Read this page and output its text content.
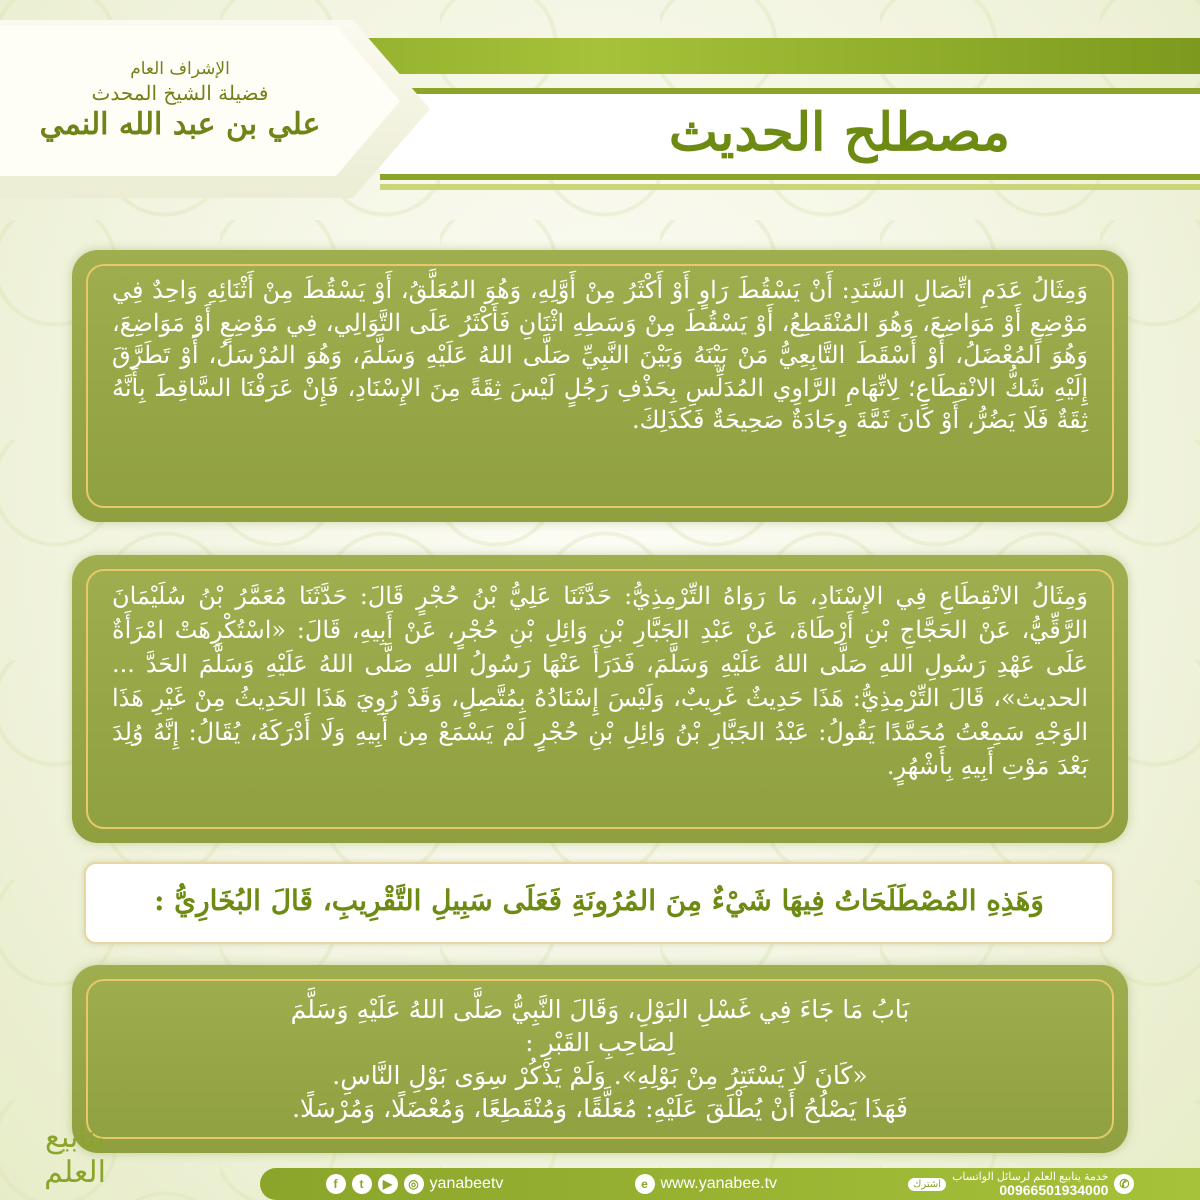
مصطلح الحديث
الإشراف العام
فضيلة الشيخ المحدث
علي بن عبد الله النمي
وَمِثَالُ عَدَمِ اتِّصَالِ السَّنَدِ: أَنْ يَسْقُطَ رَاوٍ أَوْ أَكْثَرُ مِنْ أَوَّلِهِ، وَهُوَ المُعَلَّقُ، أَوْ يَسْقُطَ مِنْ أَثْنَائِهِ وَاحِدٌ فِي مَوْضِعٍ أَوْ مَوَاضِعَ، وَهُوَ المُنْقَطِعُ، أَوْ يَسْقُطَ مِنْ وَسَطِهِ اثْنَانِ فَأَكْثَرُ عَلَى التَّوَالِي، فِي مَوْضِعٍ أَوْ مَوَاضِعَ، وَهُوَ المُعْضَلُ، أَوْ أَسْقَطَ التَّابِعِيُّ مَنْ بَيْنَهُ وَبَيْنَ النَّبِيِّ صَلَّى اللهُ عَلَيْهِ وَسَلَّمَ، وَهُوَ المُرْسَلُ، أَوْ تَطَرَّقَ إِلَيْهِ شَكُّ الانْقِطَاعِ؛ لِاتِّهَامِ الرَّاوِي المُدَلِّسِ بِحَذْفِ رَجُلٍ لَيْسَ ثِقَةً مِنَ الإِسْنَادِ، فَإِنْ عَرَفْنَا السَّاقِطَ بِأَنَّهُ ثِقَةٌ فَلَا يَضُرُّ، أَوْ كَانَ ثَمَّةَ وِجَادَةٌ صَحِيحَةٌ فَكَذَلِكَ.
وَمِثَالُ الانْقِطَاعِ فِي الإِسْنَادِ، مَا رَوَاهُ التِّرْمِذِيُّ: حَدَّثَنَا عَلِيُّ بْنُ حُجْرٍ قَالَ: حَدَّثَنَا مُعَمَّرُ بْنُ سُلَيْمَانَ الرَّقِّيُّ، عَنْ الحَجَّاجِ بْنِ أَرْطَاةَ، عَنْ عَبْدِ الجَبَّارِ بْنِ وَائِلِ بْنِ حُجْرٍ، عَنْ أَبِيهِ، قَالَ: «اسْتُكْرِهَتْ امْرَأَةٌ عَلَى عَهْدِ رَسُولِ اللهِ صَلَّى اللهُ عَلَيْهِ وَسَلَّمَ، فَدَرَأَ عَنْهَا رَسُولُ اللهِ صَلَّى اللهُ عَلَيْهِ وَسَلَّمَ الحَدَّ ... الحديث»، قَالَ التِّرْمِذِيُّ: هَذَا حَدِيثٌ غَرِيبٌ، وَلَيْسَ إِسْنَادُهُ بِمُتَّصِلٍ، وَقَدْ رُوِيَ هَذَا الحَدِيثُ مِنْ غَيْرِ هَذَا الوَجْهِ سَمِعْتُ مُحَمَّدًا يَقُولُ: عَبْدُ الجَبَّارِ بْنُ وَائِلِ بْنِ حُجْرٍ لَمْ يَسْمَعْ مِن أَبِيهِ وَلَا أَدْرَكَهُ، يُقَالُ: إِنَّهُ وُلِدَ بَعْدَ مَوْتِ أَبِيهِ بِأَشْهُرٍ.
وَهَذِهِ المُصْطَلَحَاتُ فِيهَا شَيْءٌ مِنَ المُرُونَةِ فَعَلَى سَبِيلِ التَّقْرِيبِ، قَالَ البُخَارِيُّ :
بَابُ مَا جَاءَ فِي غَسْلِ البَوْلِ، وَقَالَ النَّبِيُّ صَلَّى اللهُ عَلَيْهِ وَسَلَّمَ
لِصَاحِبِ القَبْرِ :
«كَانَ لَا يَسْتَتِرُ مِنْ بَوْلِهِ». وَلَمْ يَذْكُرْ سِوَى بَوْلِ النَّاسِ.
فَهَذَا يَصْلُحُ أَنْ يُطْلَقَ عَلَيْهِ: مُعَلَّقًا، وَمُنْقَطِعًا، وَمُعْضَلًا، وَمُرْسَلًا.
ينابيع العلم	f	t	▶	◎ yanabeetv	e www.yanabee.tv	اشترك
خدمة ينابيع العلم لرسائل الواتساب
00966501934000 ✆
